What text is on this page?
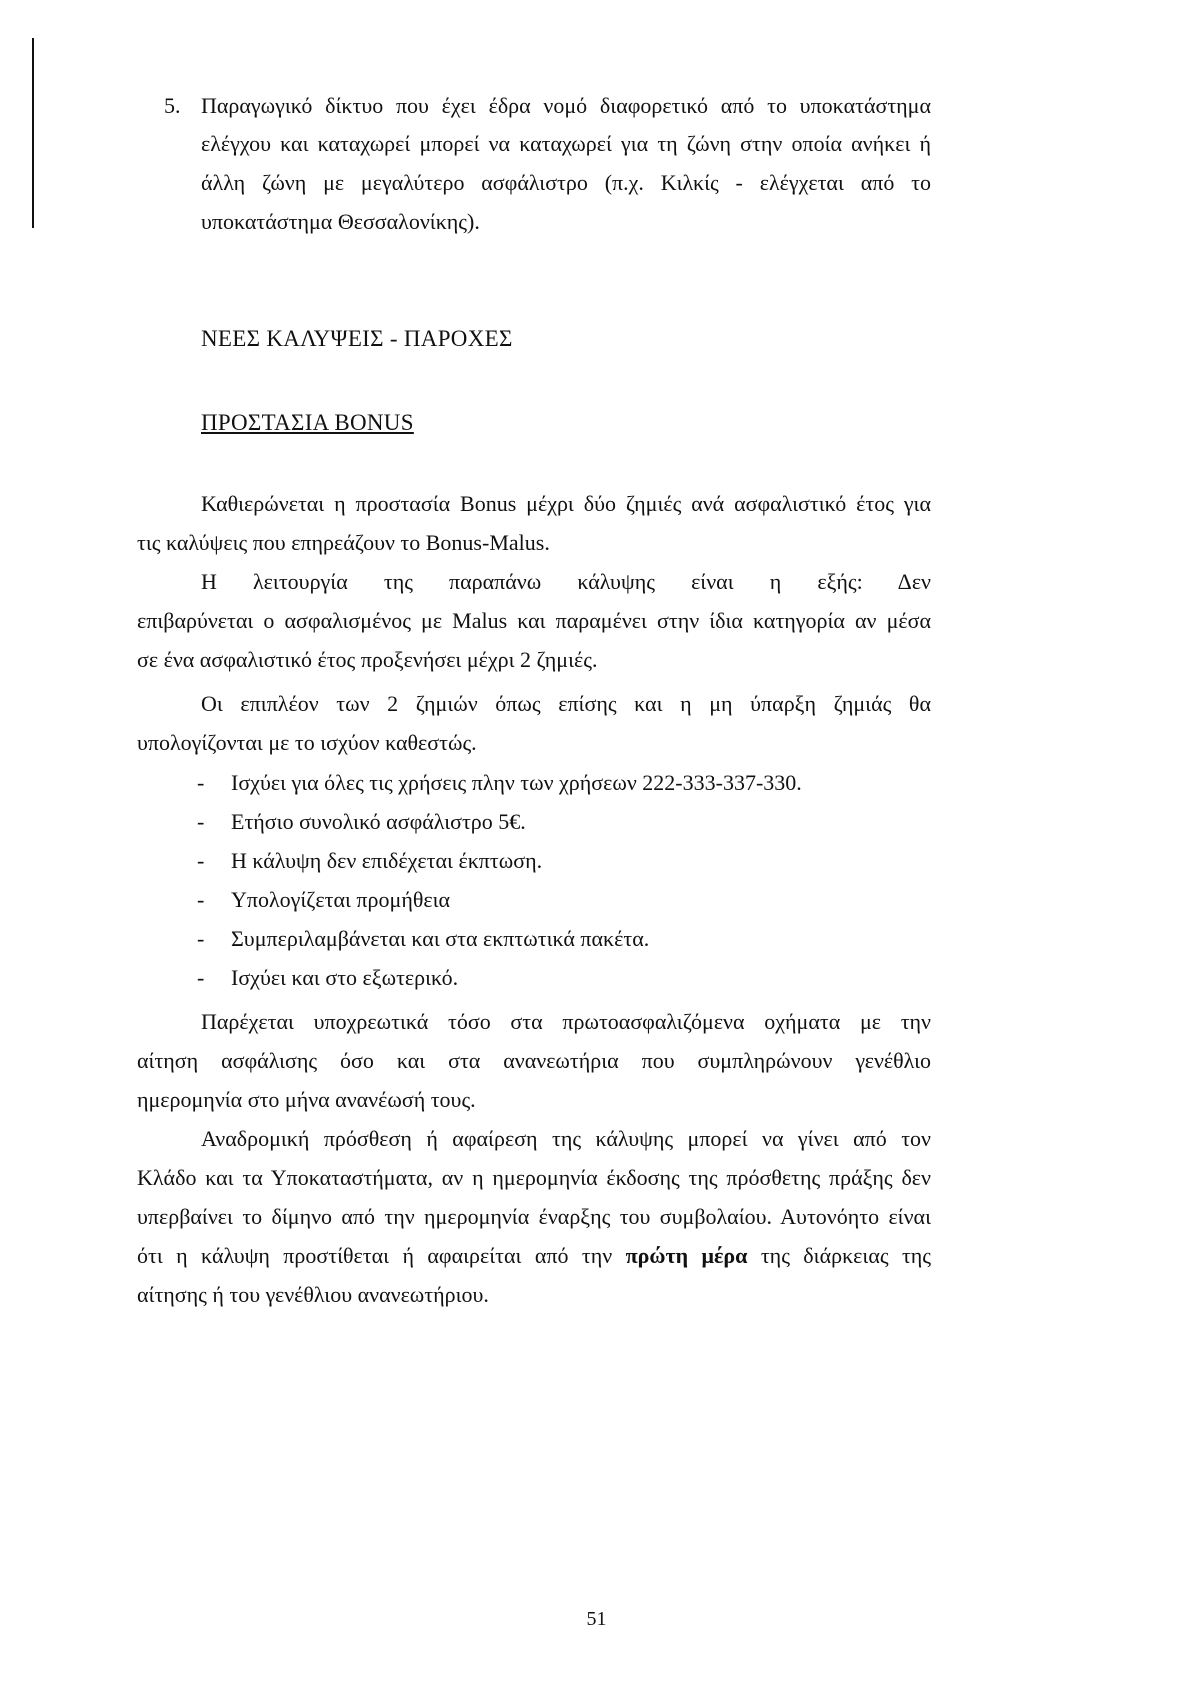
5. Παραγωγικό δίκτυο που έχει έδρα νομό διαφορετικό από το υποκατάστημα
ελέγχου και καταχωρεί μπορεί να καταχωρεί για τη ζώνη στην οποία ανήκει ή
άλλη ζώνη με μεγαλύτερο ασφάλιστρο (π.χ. Κιλκίς - ελέγχεται από το
υποκατάστημα Θεσσαλονίκης).
ΝΕΕΣ ΚΑΛΥΨΕΙΣ - ΠΑΡΟΧΕΣ
ΠΡΟΣΤΑΣΙΑ BONUS
Καθιερώνεται η προστασία Bonus μέχρι δύο ζημιές ανά ασφαλιστικό έτος για
τις καλύψεις που επηρεάζουν το Bonus-Malus.
Η λειτουργία της παραπάνω κάλυψης είναι η εξής: Δεν
επιβαρύνεται ο ασφαλισμένος με Malus και παραμένει στην ίδια κατηγορία αν μέσα
σε ένα ασφαλιστικό έτος προξενήσει μέχρι 2 ζημιές.
Οι επιπλέον των 2 ζημιών όπως επίσης και η μη ύπαρξη ζημιάς θα
υπολογίζονται με το ισχύον καθεστώς.
- Ισχύει για όλες τις χρήσεις πλην των χρήσεων 222-333-337-330.
- Ετήσιο συνολικό ασφάλιστρο 5€.
- Η κάλυψη δεν επιδέχεται έκπτωση.
- Υπολογίζεται προμήθεια
- Συμπεριλαμβάνεται και στα εκπτωτικά πακέτα.
- Ισχύει και στο εξωτερικό.
Παρέχεται υποχρεωτικά τόσο στα πρωτοασφαλιζόμενα οχήματα με την
αίτηση ασφάλισης όσο και στα ανανεωτήρια που συμπληρώνουν γενέθλιο
ημερομηνία στο μήνα ανανέωσή τους.
Αναδρομική πρόσθεση ή αφαίρεση της κάλυψης μπορεί να γίνει από τον
Κλάδο και τα Υποκαταστήματα, αν η ημερομηνία έκδοσης της πρόσθετης πράξης δεν
υπερβαίνει το δίμηνο από την ημερομηνία έναρξης του συμβολαίου. Αυτονόητο είναι
ότι η κάλυψη προστίθεται ή αφαιρείται από την πρώτη μέρα της διάρκειας της
αίτησης ή του γενέθλιου ανανεωτήριου.
51
